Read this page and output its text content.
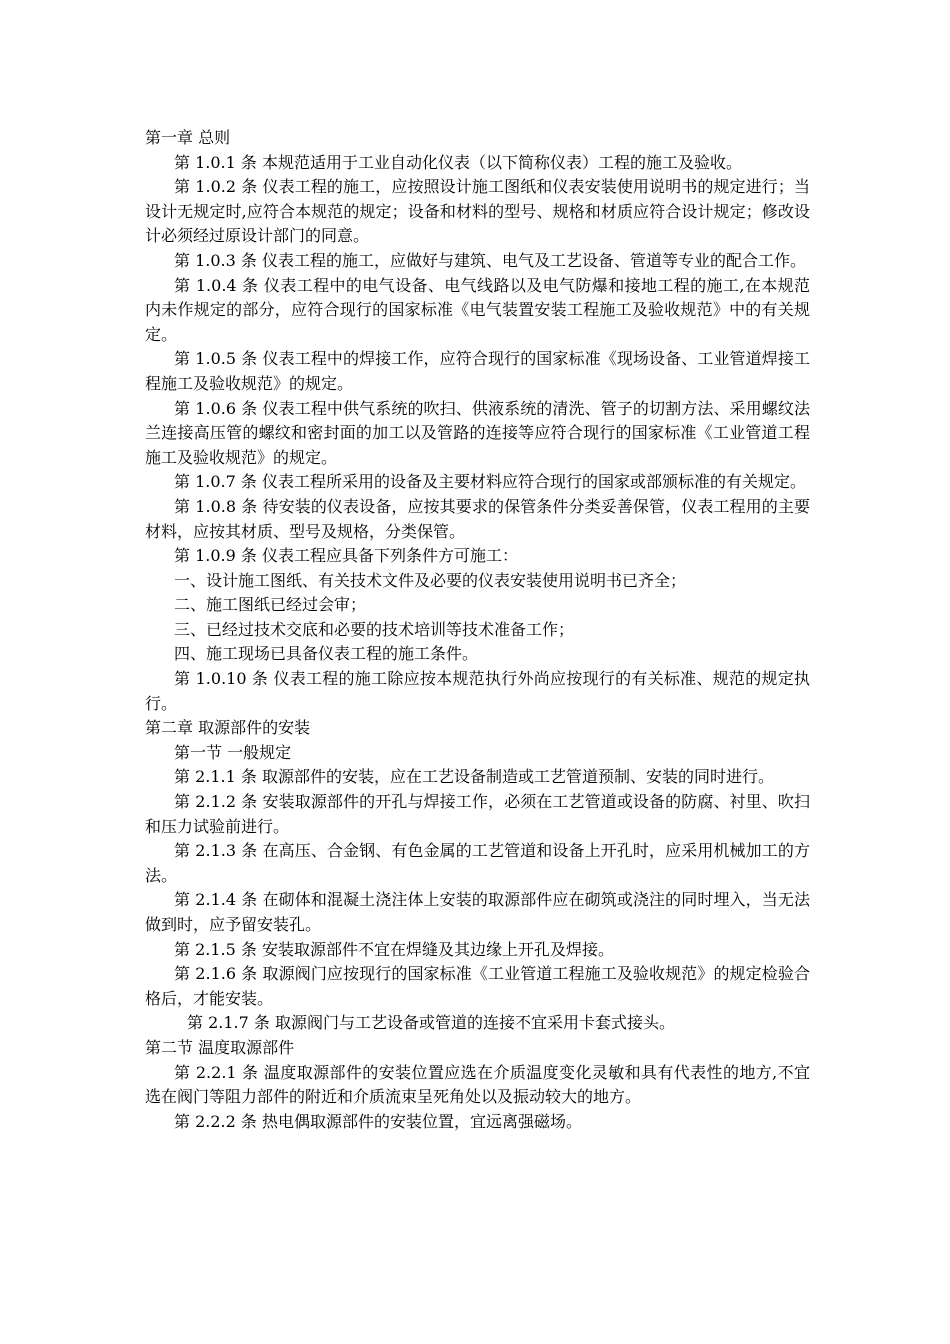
第一章 总则

第 1.0.1 条 本规范适用于工业自动化仪表（以下简称仪表）工程的施工及验收。

第 1.0.2 条 仪表工程的施工，应按照设计施工图纸和仪表安装使用说明书的规定进行；当设计无规定时,应符合本规范的规定；设备和材料的型号、规格和材质应符合设计规定；修改设计必须经过原设计部门的同意。

第 1.0.3 条 仪表工程的施工，应做好与建筑、电气及工艺设备、管道等专业的配合工作。

第 1.0.4 条 仪表工程中的电气设备、电气线路以及电气防爆和接地工程的施工,在本规范内未作规定的部分，应符合现行的国家标准《电气装置安装工程施工及验收规范》中的有关规定。

第 1.0.5 条 仪表工程中的焊接工作，应符合现行的国家标准《现场设备、工业管道焊接工程施工及验收规范》的规定。

第 1.0.6 条 仪表工程中供气系统的吹扫、供液系统的清洗、管子的切割方法、采用螺纹法兰连接高压管的螺纹和密封面的加工以及管路的连接等应符合现行的国家标准《工业管道工程施工及验收规范》的规定。

第 1.0.7 条 仪表工程所采用的设备及主要材料应符合现行的国家或部颁标准的有关规定。

第 1.0.8 条 待安装的仪表设备，应按其要求的保管条件分类妥善保管，仪表工程用的主要材料，应按其材质、型号及规格，分类保管。

第 1.0.9 条 仪表工程应具备下列条件方可施工：

一、设计施工图纸、有关技术文件及必要的仪表安装使用说明书已齐全；

二、施工图纸已经过会审；

三、已经过技术交底和必要的技术培训等技术准备工作；

四、施工现场已具备仪表工程的施工条件。

第 1.0.10 条 仪表工程的施工除应按本规范执行外尚应按现行的有关标准、规范的规定执行。

第二章 取源部件的安装

第一节 一般规定

第 2.1.1 条 取源部件的安装，应在工艺设备制造或工艺管道预制、安装的同时进行。

第 2.1.2 条 安装取源部件的开孔与焊接工作，必须在工艺管道或设备的防腐、衬里、吹扫和压力试验前进行。

第 2.1.3 条 在高压、合金钢、有色金属的工艺管道和设备上开孔时，应采用机械加工的方法。

第 2.1.4 条 在砌体和混凝土浇注体上安装的取源部件应在砌筑或浇注的同时埋入，当无法做到时，应予留安装孔。

第 2.1.5 条 安装取源部件不宜在焊缝及其边缘上开孔及焊接。

第 2.1.6 条 取源阀门应按现行的国家标准《工业管道工程施工及验收规范》的规定检验合格后，才能安装。

第 2.1.7 条 取源阀门与工艺设备或管道的连接不宜采用卡套式接头。

第二节 温度取源部件

第 2.2.1 条 温度取源部件的安装位置应选在介质温度变化灵敏和具有代表性的地方,不宜选在阀门等阻力部件的附近和介质流束呈死角处以及振动较大的地方。

第 2.2.2 条 热电偶取源部件的安装位置，宜远离强磁场。
